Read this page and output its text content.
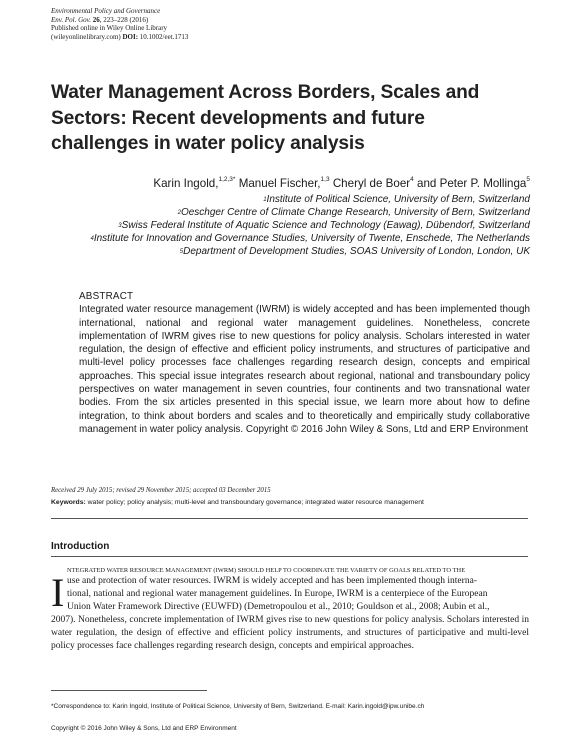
Environmental Policy and Governance
Env. Pol. Gov. 26, 223–228 (2016)
Published online in Wiley Online Library
(wileyonlinelibrary.com) DOI: 10.1002/eet.1713
Water Management Across Borders, Scales and Sectors: Recent developments and future challenges in water policy analysis
Karin Ingold,$^{1,2,3*}$ Manuel Fischer,$^{1,3}$ Cheryl de Boer$^4$ and Peter P. Mollinga$^5$
$^1$Institute of Political Science, University of Bern, Switzerland
$^2$Oeschger Centre of Climate Change Research, University of Bern, Switzerland
$^3$Swiss Federal Institute of Aquatic Science and Technology (Eawag), Dübendorf, Switzerland
$^4$Institute for Innovation and Governance Studies, University of Twente, Enschede, The Netherlands
$^5$Department of Development Studies, SOAS University of London, London, UK
ABSTRACT
Integrated water resource management (IWRM) is widely accepted and has been implemented though international, national and regional water management guidelines. Nonetheless, concrete implementation of IWRM gives rise to new questions for policy analysis. Scholars interested in water regulation, the design of effective and efficient policy instruments, and structures of participative and multi-level policy processes face challenges regarding research design, concepts and empirical approaches. This special issue integrates research about regional, national and transboundary policy perspectives on water management in seven countries, four continents and two transnational water bodies. From the six articles presented in this special issue, we learn more about how to define integration, to think about borders and scales and to theoretically and empirically study collaborative management in water policy analysis. Copyright © 2016 John Wiley & Sons, Ltd and ERP Environment
Received 29 July 2015; revised 29 November 2015; accepted 03 December 2015
Keywords: water policy; policy analysis; multi-level and transboundary governance; integrated water resource management
Introduction
I NTEGRATED WATER RESOURCE MANAGEMENT (IWRM) SHOULD HELP TO COORDINATE THE VARIETY OF GOALS RELATED TO THE
use and protection of water resources. IWRM is widely accepted and has been implemented though interna-
tional, national and regional water management guidelines. In Europe, IWRM is a centerpiece of the European
Union Water Framework Directive (EUWFD) (Demetropoulou et al., 2010; Gouldson et al., 2008; Aubin et al.,
2007). Nonetheless, concrete implementation of IWRM gives rise to new questions for policy analysis. Scholars interested in water regulation, the design of effective and efficient policy instruments, and structures of participative and multi-level policy processes face challenges regarding research design, concepts and empirical approaches.
*Correspondence to: Karin Ingold, Institute of Political Science, University of Bern, Switzerland. E-mail: Karin.ingold@ipw.unibe.ch
Copyright © 2016 John Wiley & Sons, Ltd and ERP Environment
